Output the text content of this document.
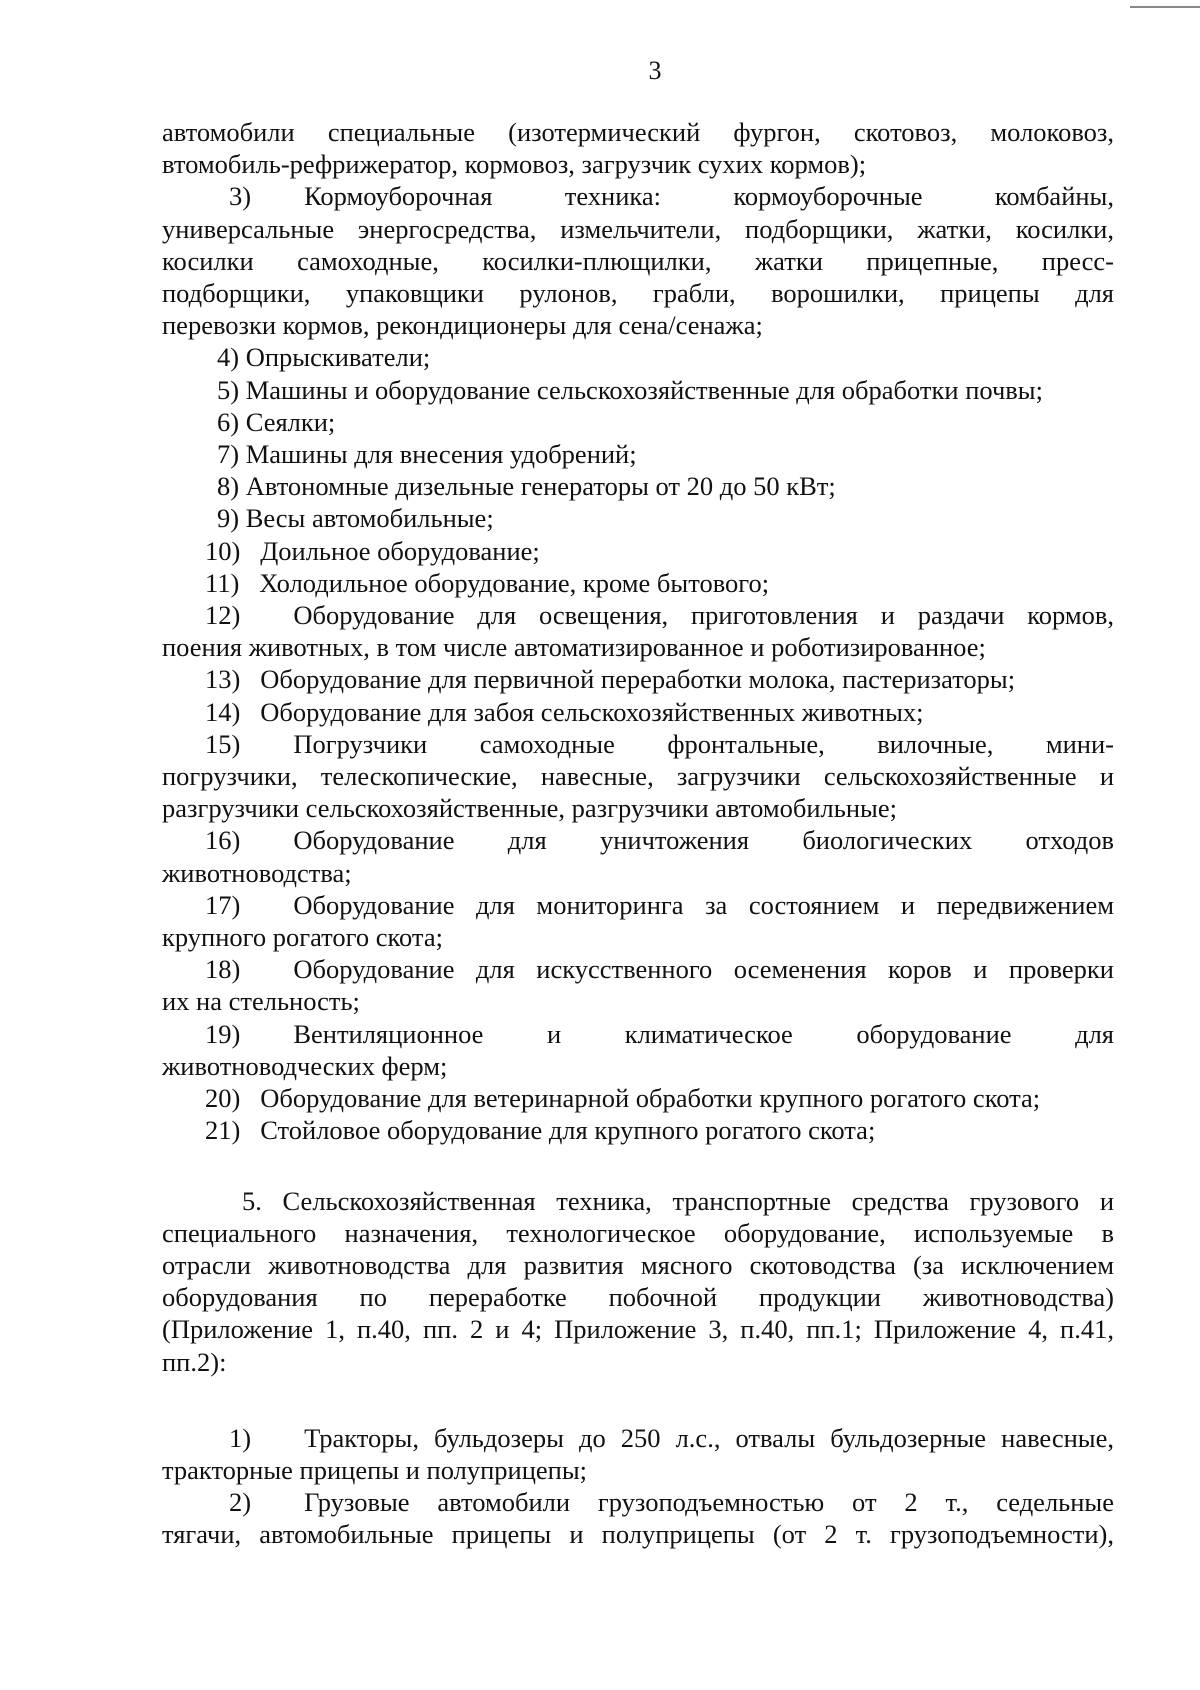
3

автомобили специальные (изотермический фургон, скотовоз, молоковоз,

втомобиль-рефрижератор, кормовоз, загрузчик сухих кормов);

3)  Кормоуборочная техника: кормоуборочные комбайны,

универсальные энергосредства, измельчители, подборщики, жатки, косилки,

косилки самоходные, косилки-плющилки, жатки прицепные, пресс-

подборщики, упаковщики рулонов, грабли, ворошилки, прицепы для

перевозки кормов, рекондиционеры для сена/сенажа;

4) Опрыскиватели;

5) Машины и оборудование сельскохозяйственные для обработки почвы;

6) Сеялки;

7) Машины для внесения удобрений;

8) Автономные дизельные генераторы от 20 до 50 кВт;

9) Весы автомобильные;

10)  Доильное оборудование;

11)  Холодильное оборудование, кроме бытового;

12)  Оборудование для освещения, приготовления и раздачи кормов,

поения животных, в том числе автоматизированное и роботизированное;

13)  Оборудование для первичной переработки молока, пастеризаторы;

14)  Оборудование для забоя сельскохозяйственных животных;

15)  Погрузчики самоходные фронтальные, вилочные, мини-

погрузчики, телескопические, навесные, загрузчики сельскохозяйственные и

разгрузчики сельскохозяйственные, разгрузчики автомобильные;

16)  Оборудование для уничтожения биологических отходов

животноводства;

17)  Оборудование для мониторинга за состоянием и передвижением

крупного рогатого скота;

18)  Оборудование для искусственного осеменения коров и проверки

их на стельность;

19)  Вентиляционное и климатическое оборудование для

животноводческих ферм;

20)  Оборудование для ветеринарной обработки крупного рогатого скота;

21)  Стойловое оборудование для крупного рогатого скота;

5. Сельскохозяйственная техника, транспортные средства грузового и

специального назначения, технологическое оборудование, используемые в

отрасли животноводства для развития мясного скотоводства (за исключением

оборудования по переработке побочной продукции животноводства)

(Приложение 1, п.40, пп. 2 и 4; Приложение 3, п.40, пп.1; Приложение 4, п.41,

пп.2):

1)  Тракторы, бульдозеры до 250 л.с., отвалы бульдозерные навесные,

тракторные прицепы и полуприцепы;

2)  Грузовые автомобили грузоподъемностью от 2 т., седельные

тягачи, автомобильные прицепы и полуприцепы (от 2 т. грузоподъемности),
